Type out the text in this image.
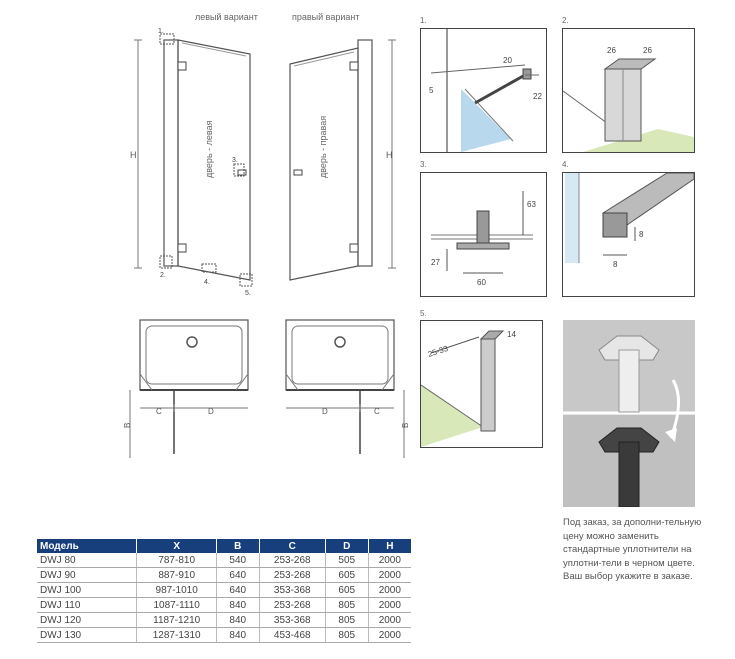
левый вариант	правый вариант
H	дверь - левая
1.
2.
3.
4.
5.
H
дверь - правая
C	D
B
D	C
B
1.
20
5
22
2.
26	26
3.
63
27
60
4.
8
8
5.
25-33
14
Под заказ, за дополни-тельную цену можно заменить стандартные уплотнители на уплотни-тели в черном цвете. Ваш выбор укажите в заказе.
Модель	X	B	C	D	H
DWJ 80	787-810	540	253-268	505	2000
DWJ 90	887-910	640	253-268	605	2000
DWJ 100	987-1010	640	353-368	605	2000
DWJ 110	1087-1110	840	253-268	805	2000
DWJ 120	1187-1210	840	353-368	805	2000
DWJ 130	1287-1310	840	453-468	805	2000
